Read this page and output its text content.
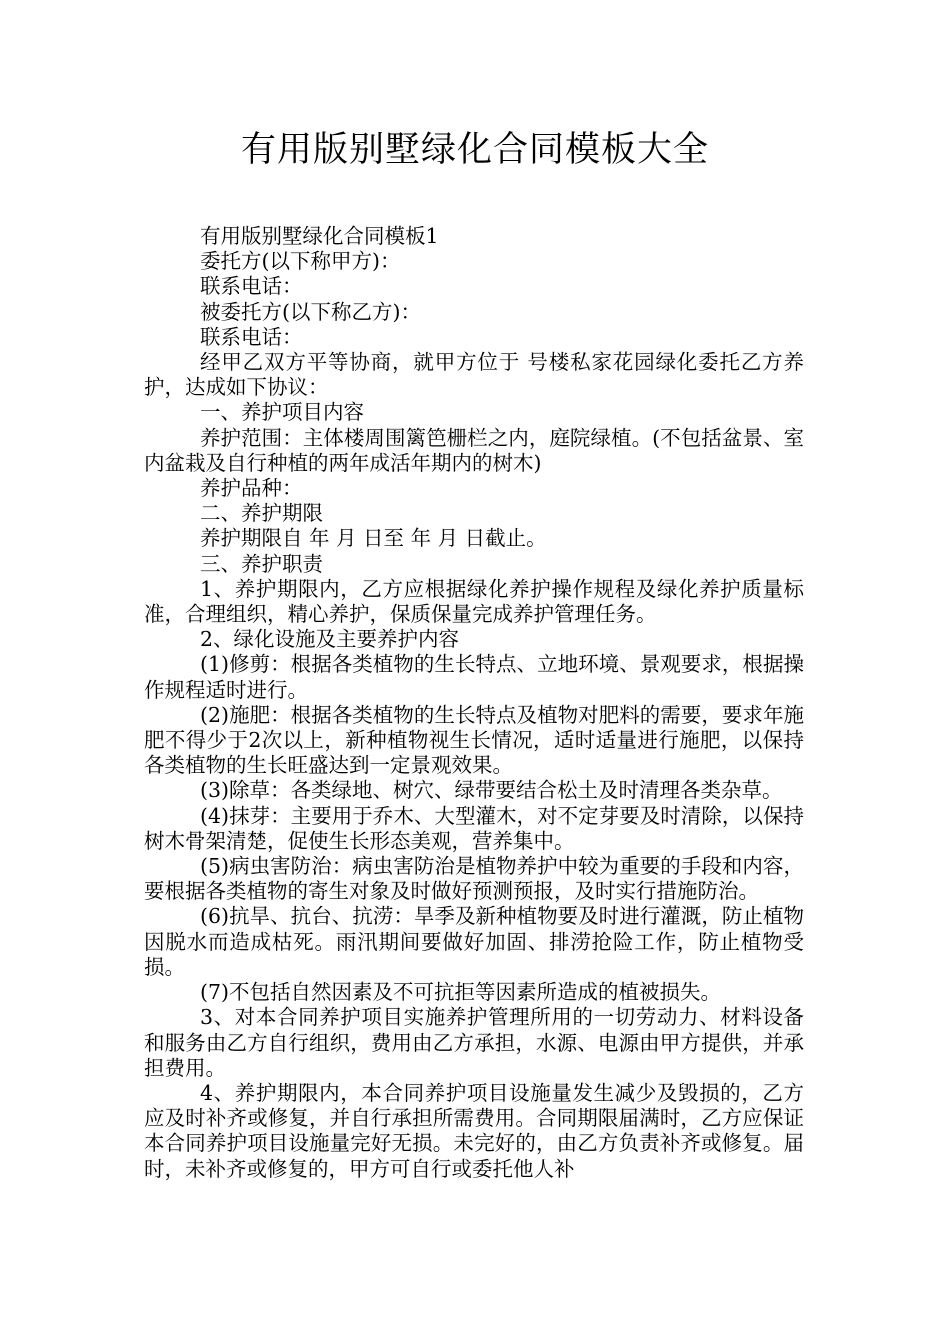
有用版别墅绿化合同模板大全

有用版别墅绿化合同模板1

委托方(以下称甲方)：

联系电话：

被委托方(以下称乙方)：

联系电话：

经甲乙双方平等协商，就甲方位于 号楼私家花园绿化委托乙方养护，达成如下协议：

一、养护项目内容

养护范围：主体楼周围篱笆栅栏之内，庭院绿植。(不包括盆景、室内盆栽及自行种植的两年成活年期内的树木)

养护品种：

二、养护期限

养护期限自 年 月 日至 年 月 日截止。

三、养护职责

1、养护期限内，乙方应根据绿化养护操作规程及绿化养护质量标准，合理组织，精心养护，保质保量完成养护管理任务。

2、绿化设施及主要养护内容

(1)修剪：根据各类植物的生长特点、立地环境、景观要求，根据操作规程适时进行。

(2)施肥：根据各类植物的生长特点及植物对肥料的需要，要求年施肥不得少于2次以上，新种植物视生长情况，适时适量进行施肥，以保持各类植物的生长旺盛达到一定景观效果。

(3)除草：各类绿地、树穴、绿带要结合松土及时清理各类杂草。

(4)抹芽：主要用于乔木、大型灌木，对不定芽要及时清除，以保持树木骨架清楚，促使生长形态美观，营养集中。

(5)病虫害防治：病虫害防治是植物养护中较为重要的手段和内容，要根据各类植物的寄生对象及时做好预测预报，及时实行措施防治。

(6)抗旱、抗台、抗涝：旱季及新种植物要及时进行灌溉，防止植物因脱水而造成枯死。雨汛期间要做好加固、排涝抢险工作，防止植物受损。

(7)不包括自然因素及不可抗拒等因素所造成的植被损失。

3、对本合同养护项目实施养护管理所用的一切劳动力、材料设备和服务由乙方自行组织，费用由乙方承担，水源、电源由甲方提供，并承担费用。

4、养护期限内，本合同养护项目设施量发生减少及毁损的，乙方应及时补齐或修复，并自行承担所需费用。合同期限届满时，乙方应保证本合同养护项目设施量完好无损。未完好的，由乙方负责补齐或修复。届时，未补齐或修复的，甲方可自行或委托他人补
